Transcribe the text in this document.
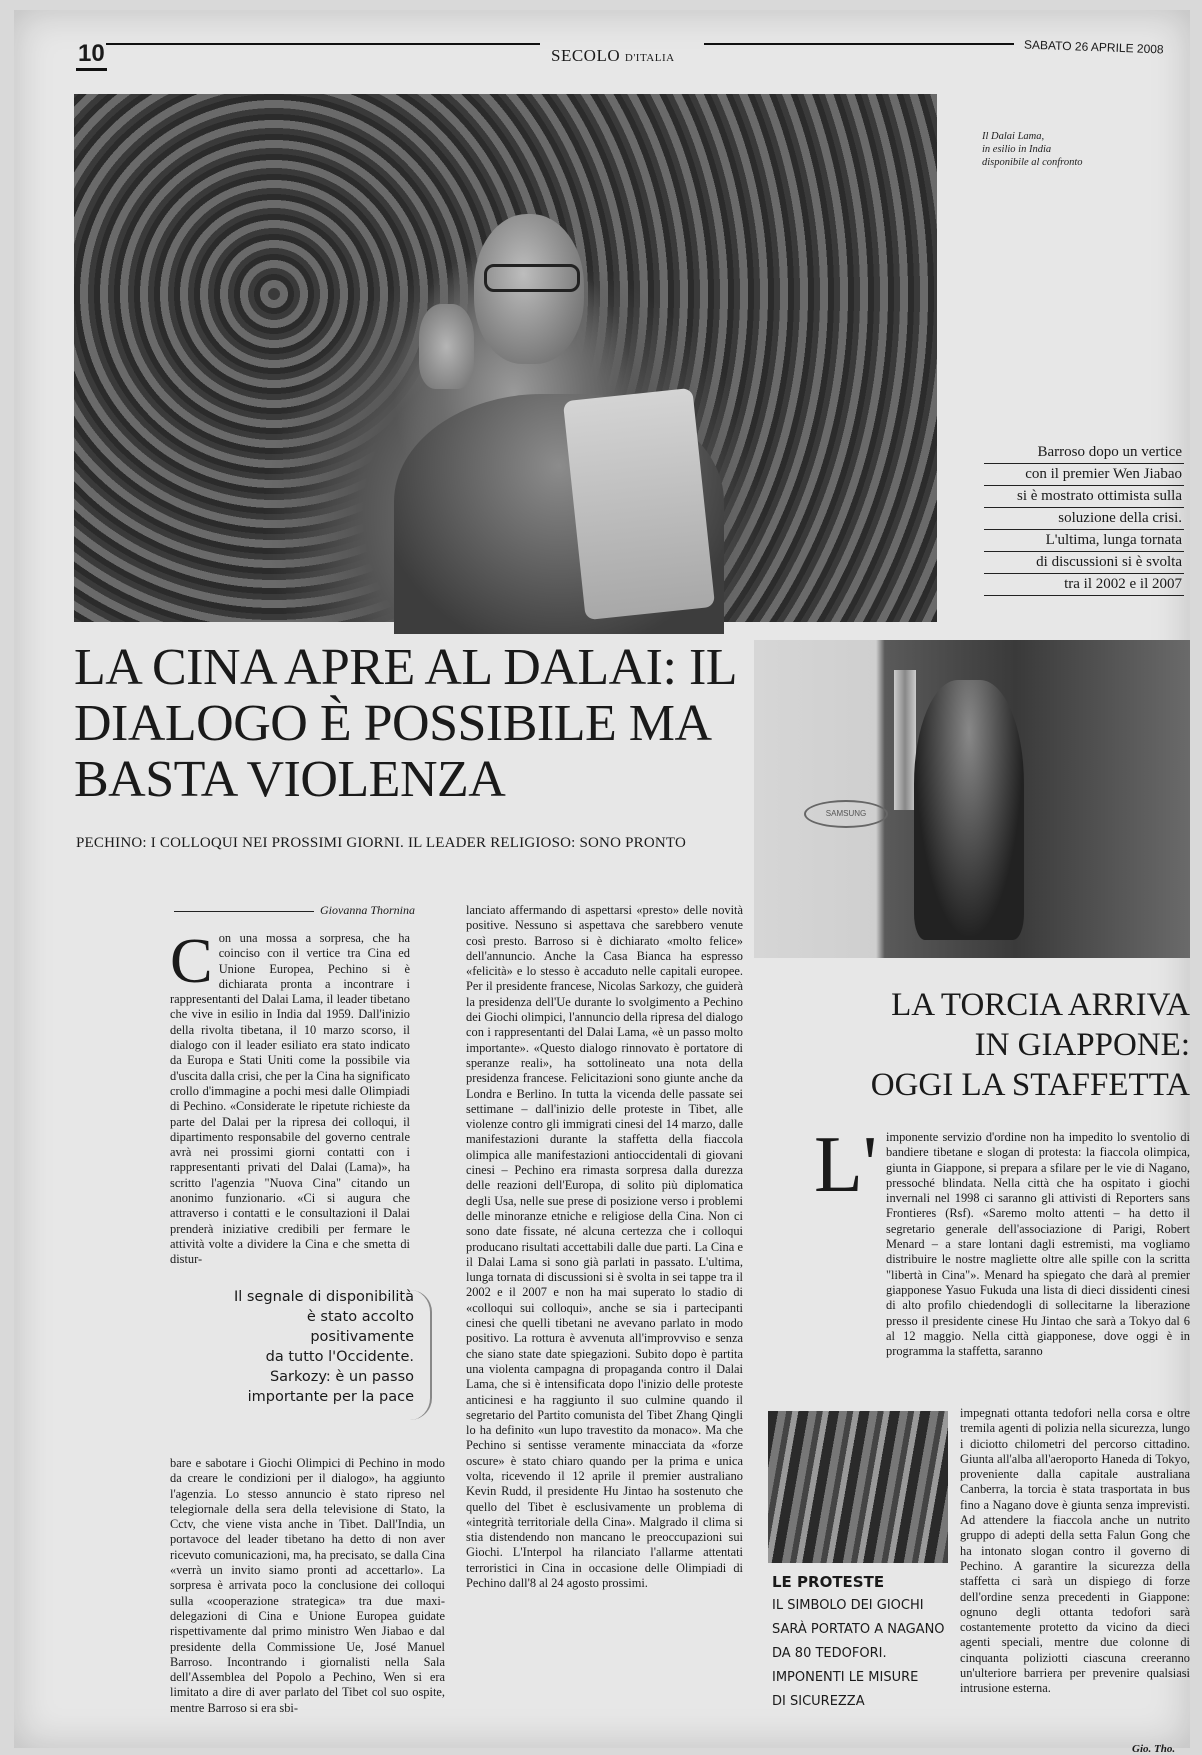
10	SECOLO D'ITALIA
SABATO 26 APRILE 2008
Il Dalai Lama,
in esilio in India
disponibile al confronto
Barroso dopo un vertice
con il premier Wen Jiabao
si è mostrato ottimista sulla
soluzione della crisi.
L'ultima, lunga tornata
di discussioni si è svolta
tra il 2002 e il 2007
LA CINA APRE AL DALAI: IL DIALOGO È POSSIBILE MA BASTA VIOLENZA
PECHINO: I COLLOQUI NEI PROSSIMI GIORNI. IL LEADER RELIGIOSO: SONO PRONTO
SAMSUNG
Giovanna Thornina

Con una mossa a sorpresa, che ha coinciso con il vertice tra Cina ed Unione Europea, Pechino si è dichiarata pronta a incontrare i rappresentanti del Dalai Lama, il leader tibetano che vive in esilio in India dal 1959. Dall'inizio della rivolta tibetana, il 10 marzo scorso, il dialogo con il leader esiliato era stato indicato da Europa e Stati Uniti come la possibile via d'uscita dalla crisi, che per la Cina ha significato crollo d'immagine a pochi mesi dalle Olimpiadi di Pechino. «Considerate le ripetute richieste da parte del Dalai per la ripresa dei colloqui, il dipartimento responsabile del governo centrale avrà nei prossimi giorni contatti con i rappresentanti privati del Dalai (Lama)», ha scritto l'agenzia "Nuova Cina" citando un anonimo funzionario. «Ci si augura che attraverso i contatti e le consultazioni il Dalai prenderà iniziative credibili per fermare le attività volte a dividere la Cina e che smetta di distur-

Il segnale di disponibilità
è stato accolto
positivamente
da tutto l'Occidente.
Sarkozy: è un passo
importante per la pace

bare e sabotare i Giochi Olimpici di Pechino in modo da creare le condizioni per il dialogo», ha aggiunto l'agenzia. Lo stesso annuncio è stato ripreso nel telegiornale della sera della televisione di Stato, la Cctv, che viene vista anche in Tibet. Dall'India, un portavoce del leader tibetano ha detto di non aver ricevuto comunicazioni, ma, ha precisato, se dalla Cina «verrà un invito siamo pronti ad accettarlo». La sorpresa è arrivata poco la conclusione dei colloqui sulla «cooperazione strategica» tra due maxi-delegazioni di Cina e Unione Europea guidate rispettivamente dal primo ministro Wen Jiabao e dal presidente della Commissione Ue, José Manuel Barroso. Incontrando i giornalisti nella Sala dell'Assemblea del Popolo a Pechino, Wen si era limitato a dire di aver parlato del Tibet col suo ospite, mentre Barroso si era sbi-

lanciato affermando di aspettarsi «presto» delle novità positive. Nessuno si aspettava che sarebbero venute così presto. Barroso si è dichiarato «molto felice» dell'annuncio. Anche la Casa Bianca ha espresso «felicità» e lo stesso è accaduto nelle capitali europee. Per il presidente francese, Nicolas Sarkozy, che guiderà la presidenza dell'Ue durante lo svolgimento a Pechino dei Giochi olimpici, l'annuncio della ripresa del dialogo con i rappresentanti del Dalai Lama, «è un passo molto importante». «Questo dialogo rinnovato è portatore di speranze reali», ha sottolineato una nota della presidenza francese. Felicitazioni sono giunte anche da Londra e Berlino. In tutta la vicenda delle passate sei settimane – dall'inizio delle proteste in Tibet, alle violenze contro gli immigrati cinesi del 14 marzo, dalle manifestazioni durante la staffetta della fiaccola olimpica alle manifestazioni antioccidentali di giovani cinesi – Pechino era rimasta sorpresa dalla durezza delle reazioni dell'Europa, di solito più diplomatica degli Usa, nelle sue prese di posizione verso i problemi delle minoranze etniche e religiose della Cina. Non ci sono date fissate, né alcuna certezza che i colloqui producano risultati accettabili dalle due parti. La Cina e il Dalai Lama si sono già parlati in passato. L'ultima, lunga tornata di discussioni si è svolta in sei tappe tra il 2002 e il 2007 e non ha mai superato lo stadio di «colloqui sui colloqui», anche se sia i partecipanti cinesi che quelli tibetani ne avevano parlato in modo positivo. La rottura è avvenuta all'improvviso e senza che siano state date spiegazioni. Subito dopo è partita una violenta campagna di propaganda contro il Dalai Lama, che si è intensificata dopo l'inizio delle proteste anticinesi e ha raggiunto il suo culmine quando il segretario del Partito comunista del Tibet Zhang Qingli lo ha definito «un lupo travestito da monaco». Ma che Pechino si sentisse veramente minacciata da «forze oscure» è stato chiaro quando per la prima e unica volta, ricevendo il 12 aprile il premier australiano Kevin Rudd, il presidente Hu Jintao ha sostenuto che quello del Tibet è esclusivamente un problema di «integrità territoriale della Cina». Malgrado il clima si stia distendendo non mancano le preoccupazioni sui Giochi. L'Interpol ha rilanciato l'allarme attentati terroristici in Cina in occasione delle Olimpiadi di Pechino dall'8 al 24 agosto prossimi.

LA TORCIA ARRIVA
IN GIAPPONE:
OGGI LA STAFFETTA
L' imponente servizio d'ordine non ha impedito lo sventolio di bandiere tibetane e slogan di protesta: la fiaccola olimpica, giunta in Giappone, si prepara a sfilare per le vie di Nagano, pressoché blindata. Nella città che ha ospitato i giochi invernali nel 1998 ci saranno gli attivisti di Reporters sans Frontieres (Rsf). «Saremo molto attenti – ha detto il segretario generale dell'associazione di Parigi, Robert Menard – a stare lontani dagli estremisti, ma vogliamo distribuire le nostre magliette oltre alle spille con la scritta "libertà in Cina"». Menard ha spiegato che darà al premier giapponese Yasuo Fukuda una lista di dieci dissidenti cinesi di alto profilo chiedendogli di sollecitarne la liberazione presso il presidente cinese Hu Jintao che sarà a Tokyo dal 6 al 12 maggio. Nella città giapponese, dove oggi è in programma la staffetta, saranno

impegnati ottanta tedofori nella corsa e oltre tremila agenti di polizia nella sicurezza, lungo i diciotto chilometri del percorso cittadino. Giunta all'alba all'aeroporto Haneda di Tokyo, proveniente dalla capitale australiana Canberra, la torcia è stata trasportata in bus fino a Nagano dove è giunta senza imprevisti. Ad attendere la fiaccola anche un nutrito gruppo di adepti della setta Falun Gong che ha intonato slogan contro il governo di Pechino. A garantire la sicurezza della staffetta ci sarà un dispiego di forze dell'ordine senza precedenti in Giappone: ognuno degli ottanta tedofori sarà costantemente protetto da vicino da dieci agenti speciali, mentre due colonne di cinquanta poliziotti ciascuna creeranno un'ulteriore barriera per prevenire qualsiasi intrusione esterna.

Gio. Tho.
LE PROTESTE
IL SIMBOLO DEI GIOCHI
SARÀ PORTATO A NAGANO
DA 80 TEDOFORI.
IMPONENTI LE MISURE
DI SICUREZZA
